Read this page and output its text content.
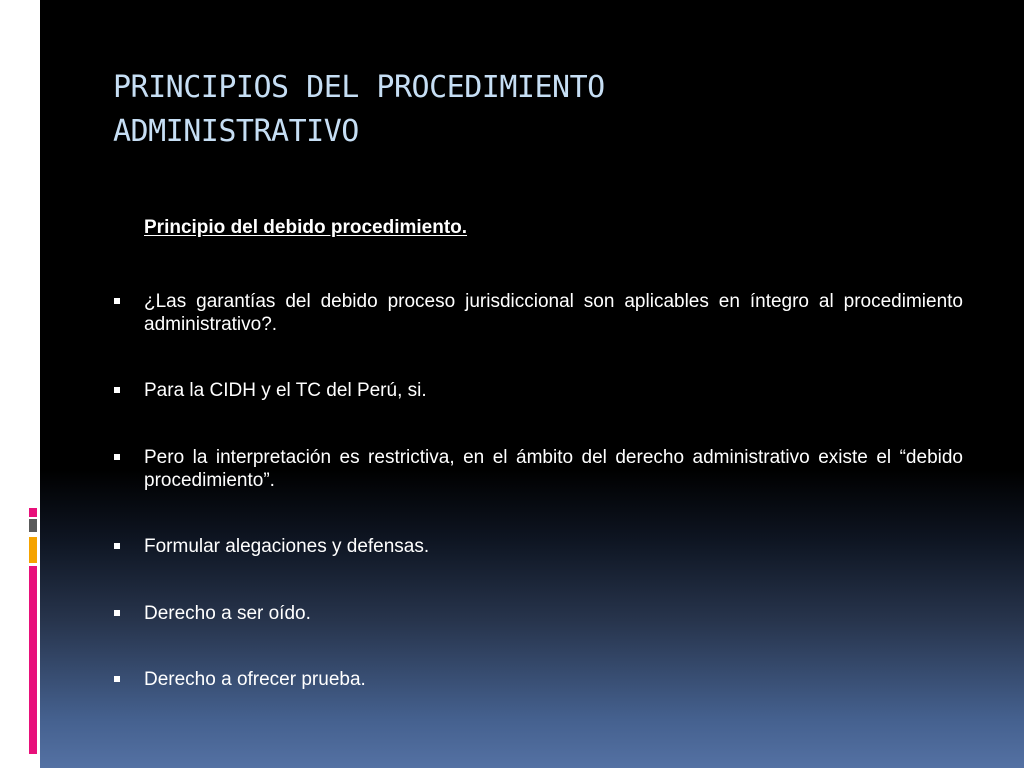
PRINCIPIOS DEL PROCEDIMIENTO
ADMINISTRATIVO
Principio del debido procedimiento.
¿Las garantías del debido proceso jurisdiccional son aplicables en íntegro al procedimiento administrativo?.
Para la CIDH y el TC del Perú, si.
Pero la interpretación es restrictiva, en el ámbito del derecho administrativo existe el “debido procedimiento”.
Formular alegaciones y defensas.
Derecho a ser oído.
Derecho a ofrecer prueba.
